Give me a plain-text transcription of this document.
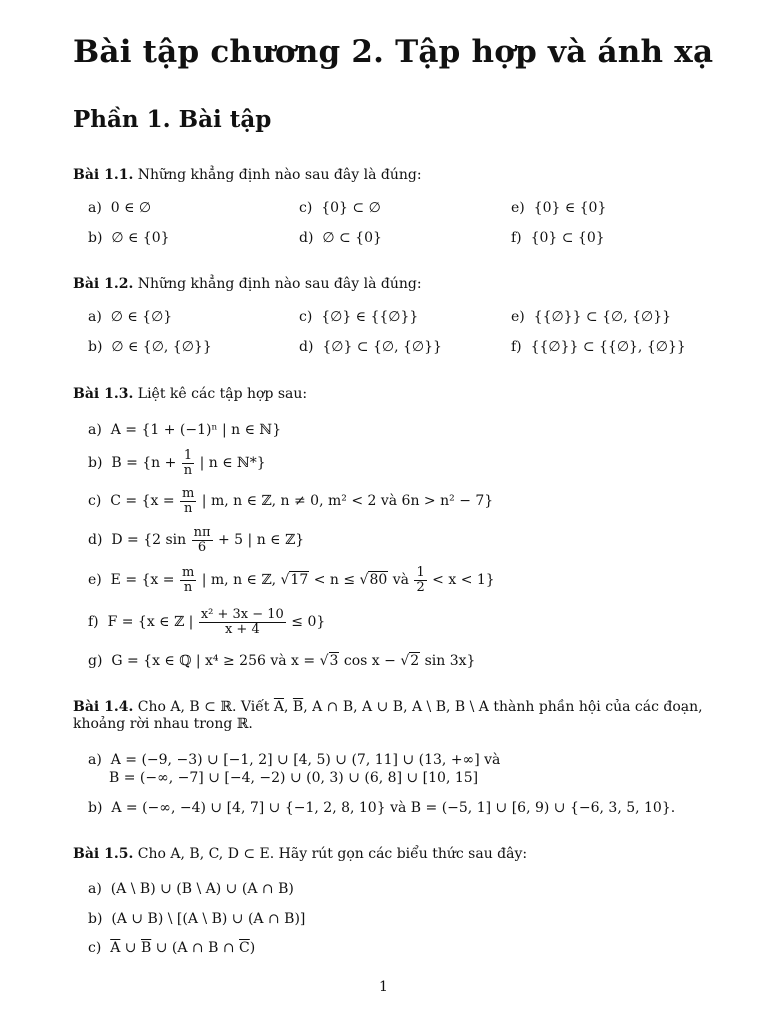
Bài tập chương 2. Tập hợp và ánh xạ
Phần 1. Bài tập
Bài 1.1. Những khẳng định nào sau đây là đúng:
a) 0 ∈ ∅
b) ∅ ∈ {0}
c) {0} ⊂ ∅
d) ∅ ⊂ {0}
e) {0} ∈ {0}
f) {0} ⊂ {0}
Bài 1.2. Những khẳng định nào sau đây là đúng:
a) ∅ ∈ {∅}
b) ∅ ∈ {∅, {∅}}
c) {∅} ∈ {{∅}}
d) {∅} ⊂ {∅, {∅}}
e) {{∅}} ⊂ {∅, {∅}}
f) {{∅}} ⊂ {{∅}, {∅}}
Bài 1.3. Liệt kê các tập hợp sau:
a) A = {1 + (−1)ⁿ | n ∈ ℕ}
b) $B = \{n + \frac{1}{n}$ | n ∈ ℕ*}
c) $C = \{x = \frac{m}{n}$ | m, n ∈ ℤ, n ≠ 0, m² < 2 và 6n > n² − 7}
d) D = {2 $\sin \frac{n\pi}{6} + 5$ | n ∈ ℤ}
e) $E = \{x = \frac{m}{n}$ | m, n ∈ ℤ, √17 < n ≤ √80 và $\frac{1}{2} < x < 1$}
f) F = {x ∈ ℤ | $\frac{\text{x² + 3x − 10}}{x + 4} \le 0$}
g) G = {x ∈ ℚ | x⁴ ≥ 256 và x = √3 cos x − √2 sin 3x}
Bài 1.4. Cho A, B ⊂ ℝ. Viết $\overline{A}$, $\overline{B}$, A ∩ B, A ∪ B, A \ B, B \ A thành phần hội của các đoạn,
khoảng rời nhau trong ℝ.
a) A = (−9, −3) ∪ [−1, 2] ∪ [4, 5) ∪ (7, 11] ∪ (13, +∞] và
B = (−∞, −7] ∪ [−4, −2) ∪ (0, 3) ∪ (6, 8] ∪ [10, 15]
b) A = (−∞, −4) ∪ [4, 7] ∪ {−1, 2, 8, 10} và B = (−5, 1] ∪ [6, 9) ∪ {−6, 3, 5, 10}.
Bài 1.5. Cho A, B, C, D ⊂ E. Hãy rút gọn các biểu thức sau đây:
a) (A \ B) ∪ (B \ A) ∪ (A ∩ B)
b) (A ∪ B) \ [(A \ B) ∪ (A ∩ B)]
c) $\overline{A}$ ∪ $\overline{B}$ ∪ (A ∩ B ∩ $\overline{C}$)
1
